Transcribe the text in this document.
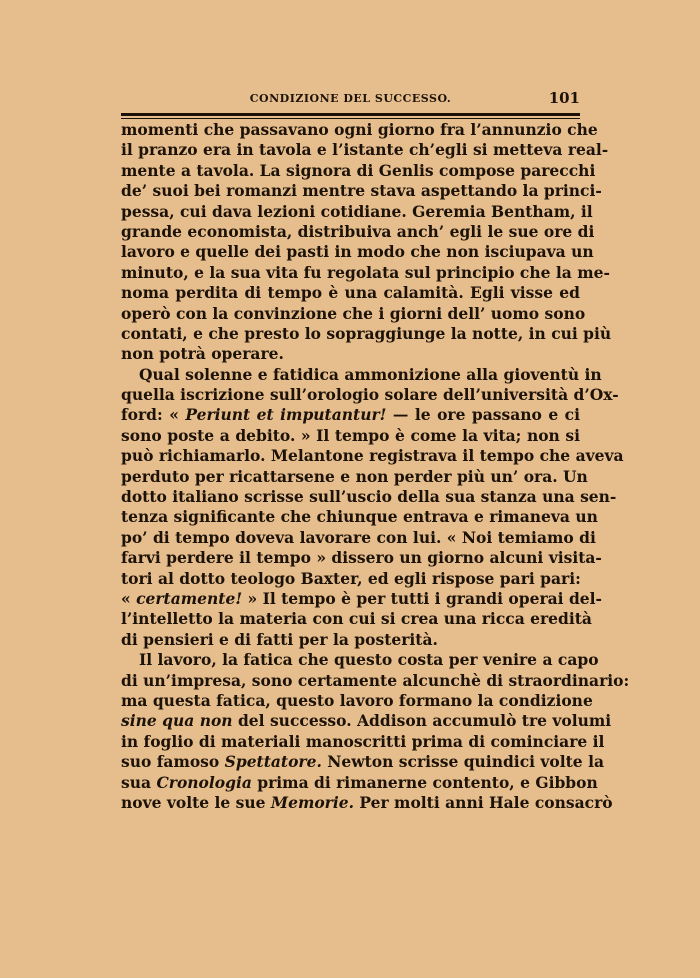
CONDIZIONE DEL SUCCESSO.	101
momenti che passavano ogni giorno fra l’annunzio che
il pranzo era in tavola e l’istante ch’egli si metteva real-
mente a tavola. La signora di Genlis compose parecchi
de’ suoi bei romanzi mentre stava aspettando la princi-
pessa, cui dava lezioni cotidiane. Geremia Bentham, il
grande economista, distribuiva anch’ egli le sue ore di
lavoro e quelle dei pasti in modo che non isciupava un
minuto, e la sua vita fu regolata sul principio che la me-
noma perdita di tempo è una calamità. Egli visse ed
operò con la convinzione che i giorni dell’ uomo sono
contati, e che presto lo sopraggiunge la notte, in cui più
non potrà operare.
Qual solenne e fatidica ammonizione alla gioventù in
quella iscrizione sull’orologio solare dell’università d’Ox-
ford: « Periunt et imputantur! — le ore passano e ci
sono poste a debito. » Il tempo è come la vita; non si
può richiamarlo. Melantone registrava il tempo che aveva
perduto per ricattarsene e non perder più un’ ora. Un
dotto italiano scrisse sull’uscio della sua stanza una sen-
tenza significante che chiunque entrava e rimaneva un
po’ di tempo doveva lavorare con lui. « Noi temiamo di
farvi perdere il tempo » dissero un giorno alcuni visita-
tori al dotto teologo Baxter, ed egli rispose pari pari:
« certamente! » Il tempo è per tutti i grandi operai del-
l’intelletto la materia con cui si crea una ricca eredità
di pensieri e di fatti per la posterità.
Il lavoro, la fatica che questo costa per venire a capo
di un’impresa, sono certamente alcunchè di straordinario:
ma questa fatica, questo lavoro formano la condizione
sine qua non del successo. Addison accumulò tre volumi
in foglio di materiali manoscritti prima di cominciare il
suo famoso Spettatore. Newton scrisse quindici volte la
sua Cronologia prima di rimanerne contento, e Gibbon
nove volte le sue Memorie. Per molti anni Hale consacrò
